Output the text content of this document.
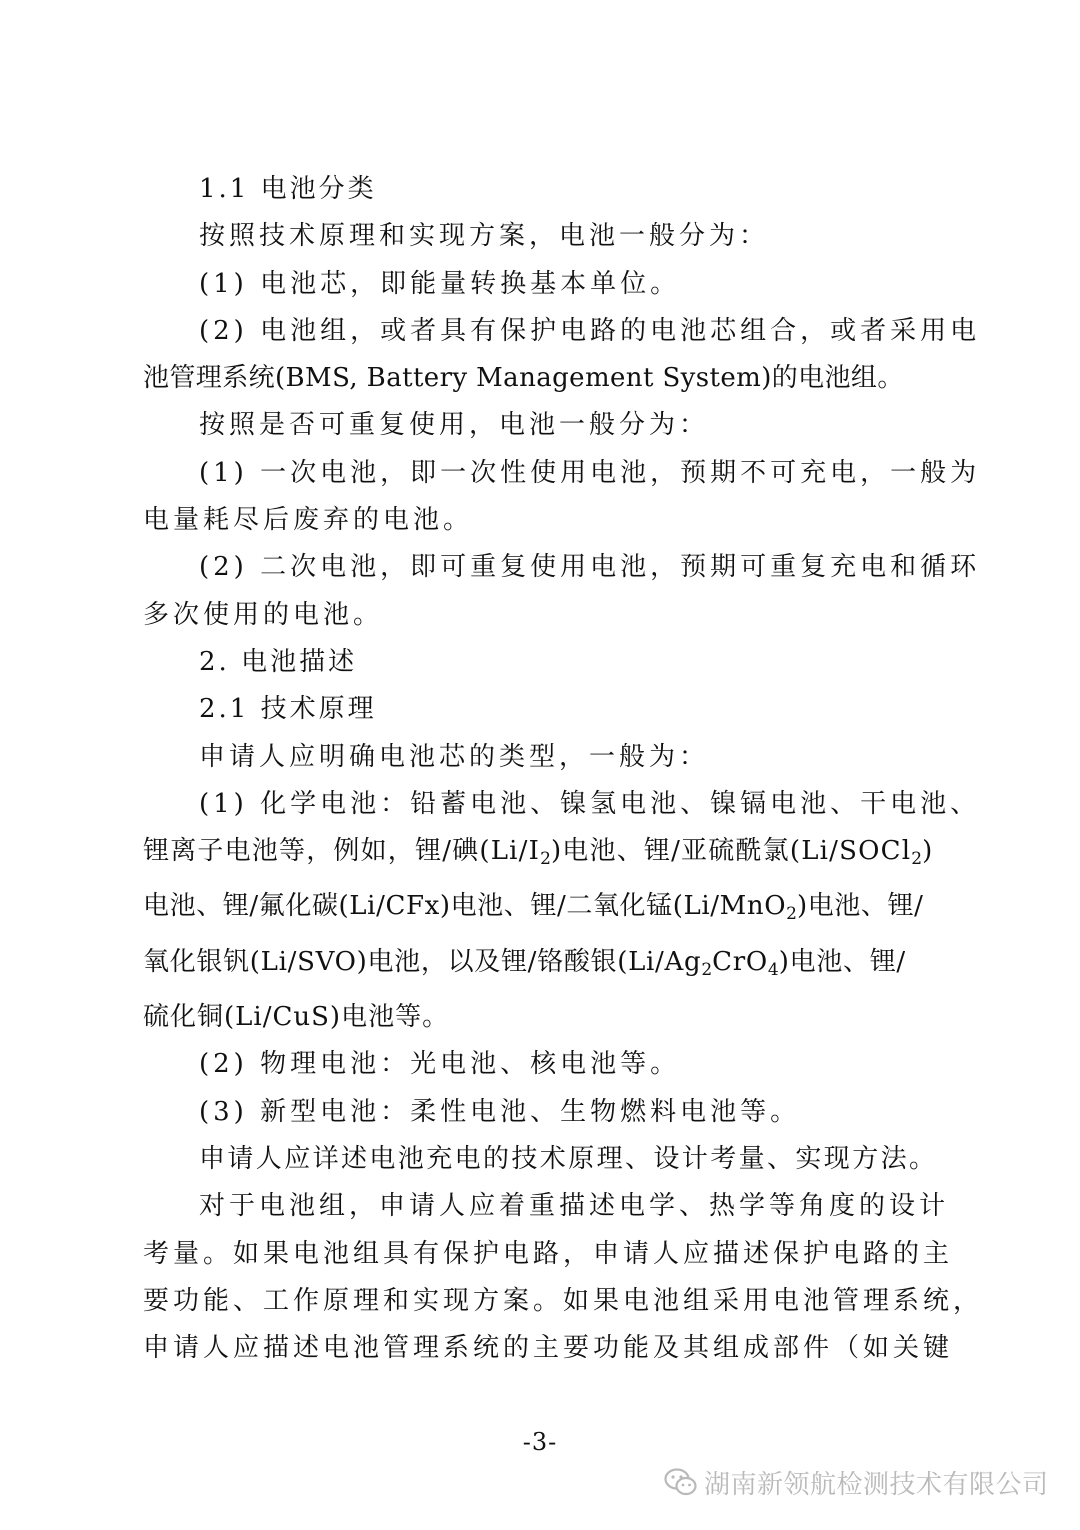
1.1 电池分类

按照技术原理和实现方案，电池一般分为：

(1) 电池芯，即能量转换基本单位。

(2) 电池组，或者具有保护电路的电池芯组合，或者采用电

池管理系统(BMS, Battery Management System)的电池组。

按照是否可重复使用，电池一般分为：

(1) 一次电池，即一次性使用电池，预期不可充电，一般为

电量耗尽后废弃的电池。

(2) 二次电池，即可重复使用电池，预期可重复充电和循环

多次使用的电池。

2. 电池描述

2.1 技术原理

申请人应明确电池芯的类型，一般为：

(1) 化学电池：铅蓄电池、镍氢电池、镍镉电池、干电池、

锂离子电池等，例如，锂/碘$(Li/I_2)$电池、锂/亚硫酰氯(Li/SOCl$_2$)

电池、锂/氟化碳(Li/CFx)电池、锂/二氧化锰(Li/MnO$_2$)电池、锂/

氧化银钒(Li/SVO)电池，以及锂/铬酸银$(Li/Ag_2CrO_4)$电池、锂/

硫化铜(Li/CuS)电池等。

(2) 物理电池：光电池、核电池等。

(3) 新型电池：柔性电池、生物燃料电池等。

申请人应详述电池充电的技术原理、设计考量、实现方法。

对于电池组，申请人应着重描述电学、热学等角度的设计

考量。如果电池组具有保护电路，申请人应描述保护电路的主

要功能、工作原理和实现方案。如果电池组采用电池管理系统，

申请人应描述电池管理系统的主要功能及其组成部件（如关键

-3-
湖南新领航检测技术有限公司
